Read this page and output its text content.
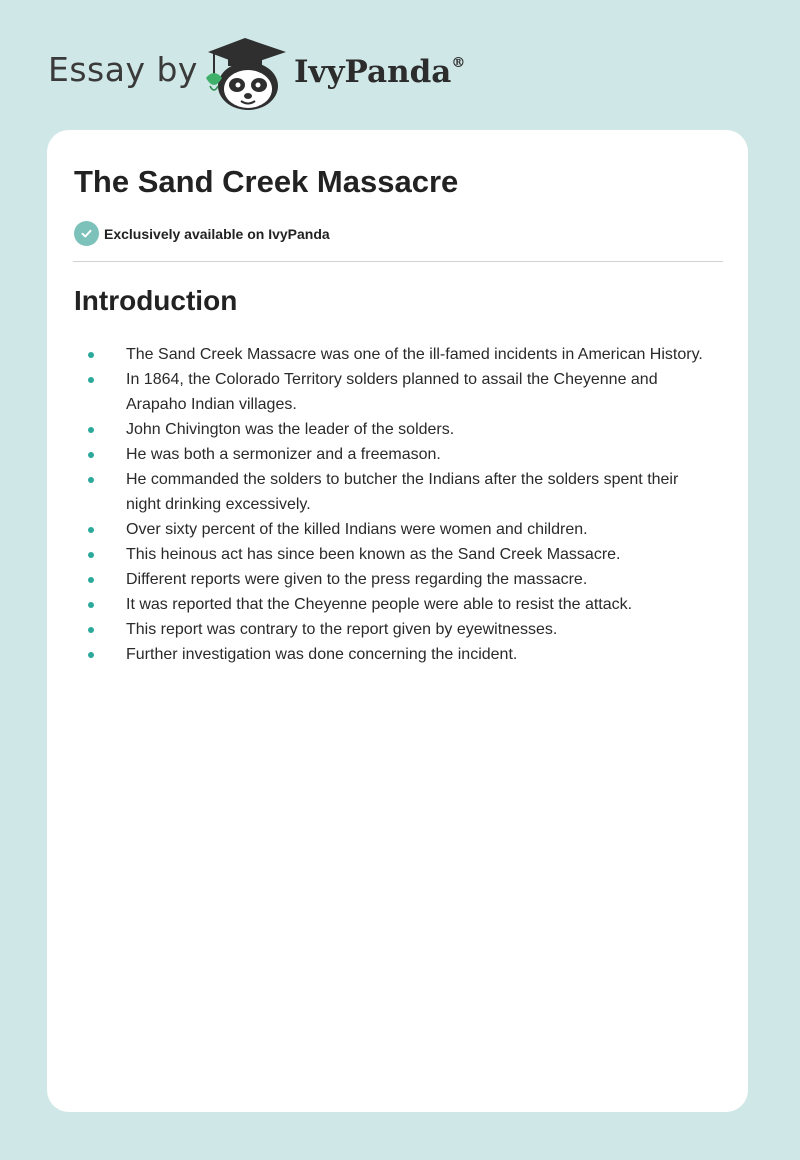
Essay by	IvyPanda®
The Sand Creek Massacre
Exclusively available on IvyPanda
Introduction
The Sand Creek Massacre was one of the ill-famed incidents in American History.
In 1864, the Colorado Territory solders planned to assail the Cheyenne and Arapaho Indian villages.
John Chivington was the leader of the solders.
He was both a sermonizer and a freemason.
He commanded the solders to butcher the Indians after the solders spent their night drinking excessively.
Over sixty percent of the killed Indians were women and children.
This heinous act has since been known as the Sand Creek Massacre.
Different reports were given to the press regarding the massacre.
It was reported that the Cheyenne people were able to resist the attack.
This report was contrary to the report given by eyewitnesses.
Further investigation was done concerning the incident.
